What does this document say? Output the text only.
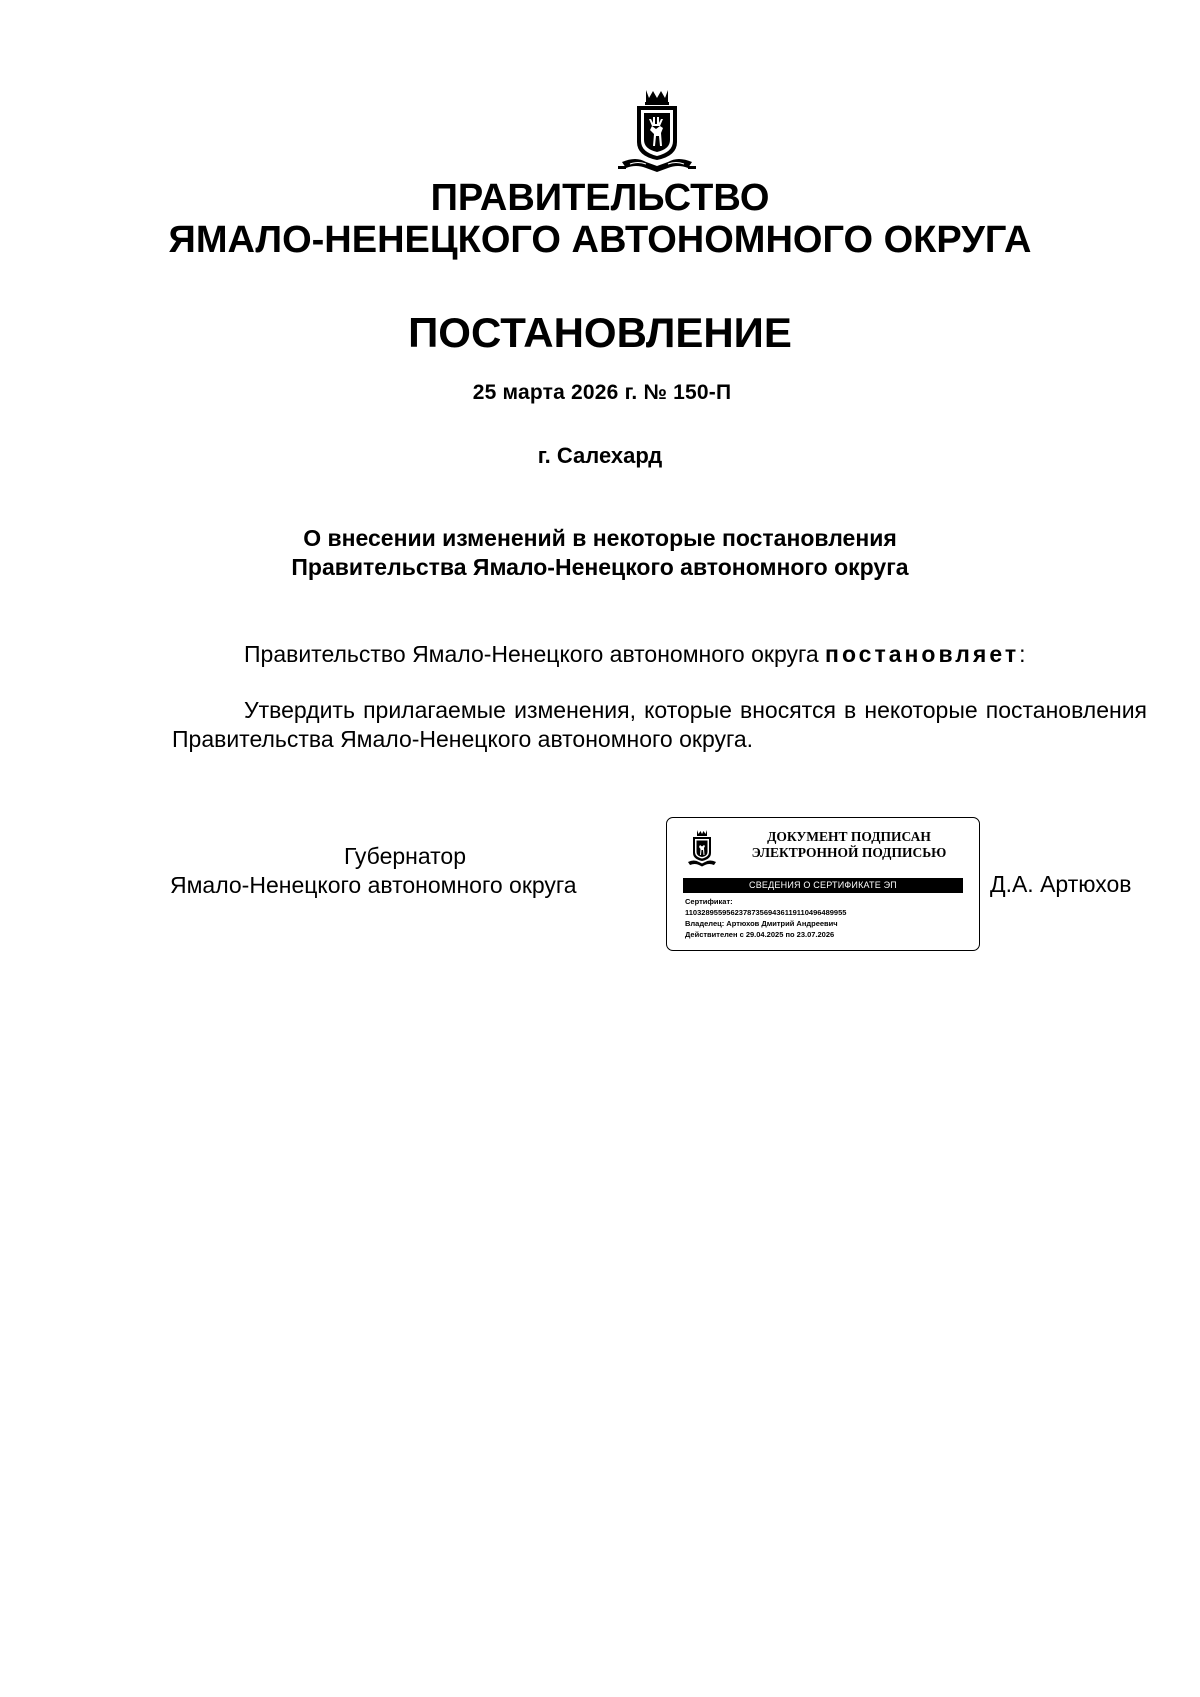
ПРАВИТЕЛЬСТВО
ЯМАЛО-НЕНЕЦКОГО АВТОНОМНОГО ОКРУГА
ПОСТАНОВЛЕНИЕ
25 марта 2026 г. № 150-П
г. Салехард
О внесении изменений в некоторые постановления
Правительства Ямало-Ненецкого автономного округа
Правительство Ямало-Ненецкого автономного округа постановляет:
Утвердить прилагаемые изменения, которые вносятся в некоторые постановления Правительства Ямало-Ненецкого автономного округа.
Губернатор
Ямало-Ненецкого автономного округа
ДОКУМЕНТ ПОДПИСАН
ЭЛЕКТРОННОЙ ПОДПИСЬЮ
СВЕДЕНИЯ О СЕРТИФИКАТЕ ЭП
Сертификат:
110328955956237873569436119110496489955
Владелец: Артюхов Дмитрий Андреевич
Действителен с 29.04.2025 по 23.07.2026
Д.А. Артюхов
